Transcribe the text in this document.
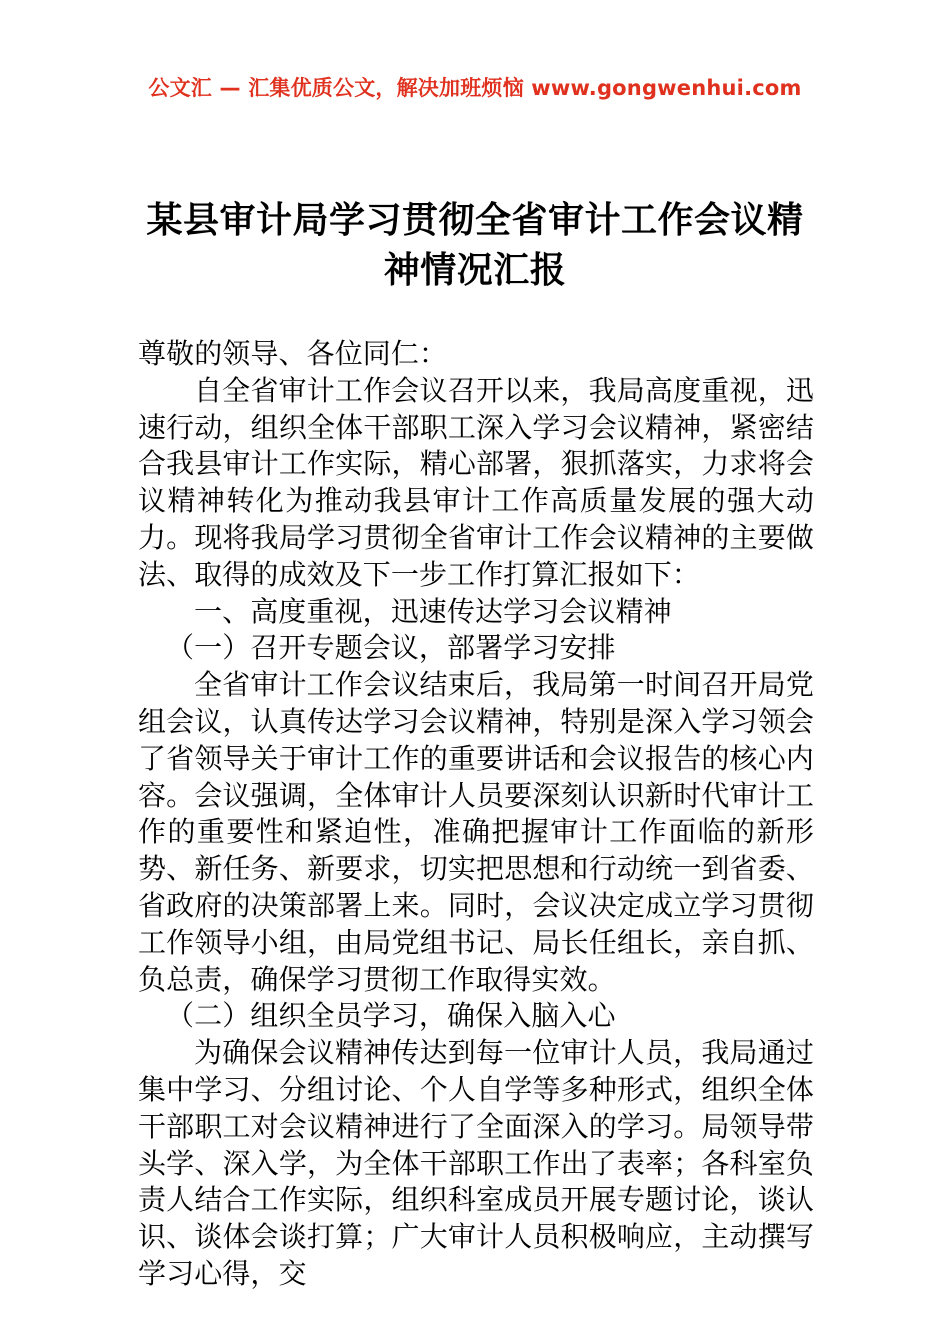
公文汇 — 汇集优质公文，解决加班烦恼 www.gongwenhui.com
某县审计局学习贯彻全省审计工作会议精神情况汇报

尊敬的领导、各位同仁：

自全省审计工作会议召开以来，我局高度重视，迅速行动，组织全体干部职工深入学习会议精神，紧密结合我县审计工作实际，精心部署，狠抓落实，力求将会议精神转化为推动我县审计工作高质量发展的强大动力。现将我局学习贯彻全省审计工作会议精神的主要做法、取得的成效及下一步工作打算汇报如下：

一、高度重视，迅速传达学习会议精神

（一）召开专题会议，部署学习安排

全省审计工作会议结束后，我局第一时间召开局党组会议，认真传达学习会议精神，特别是深入学习领会了省领导关于审计工作的重要讲话和会议报告的核心内容。会议强调，全体审计人员要深刻认识新时代审计工作的重要性和紧迫性，准确把握审计工作面临的新形势、新任务、新要求，切实把思想和行动统一到省委、省政府的决策部署上来。同时，会议决定成立学习贯彻工作领导小组，由局党组书记、局长任组长，亲自抓、负总责，确保学习贯彻工作取得实效。

（二）组织全员学习，确保入脑入心

为确保会议精神传达到每一位审计人员，我局通过集中学习、分组讨论、个人自学等多种形式，组织全体干部职工对会议精神进行了全面深入的学习。局领导带头学、深入学，为全体干部职工作出了表率；各科室负责人结合工作实际，组织科室成员开展专题讨论，谈认识、谈体会谈打算；广大审计人员积极响应，主动撰写学习心得，交
